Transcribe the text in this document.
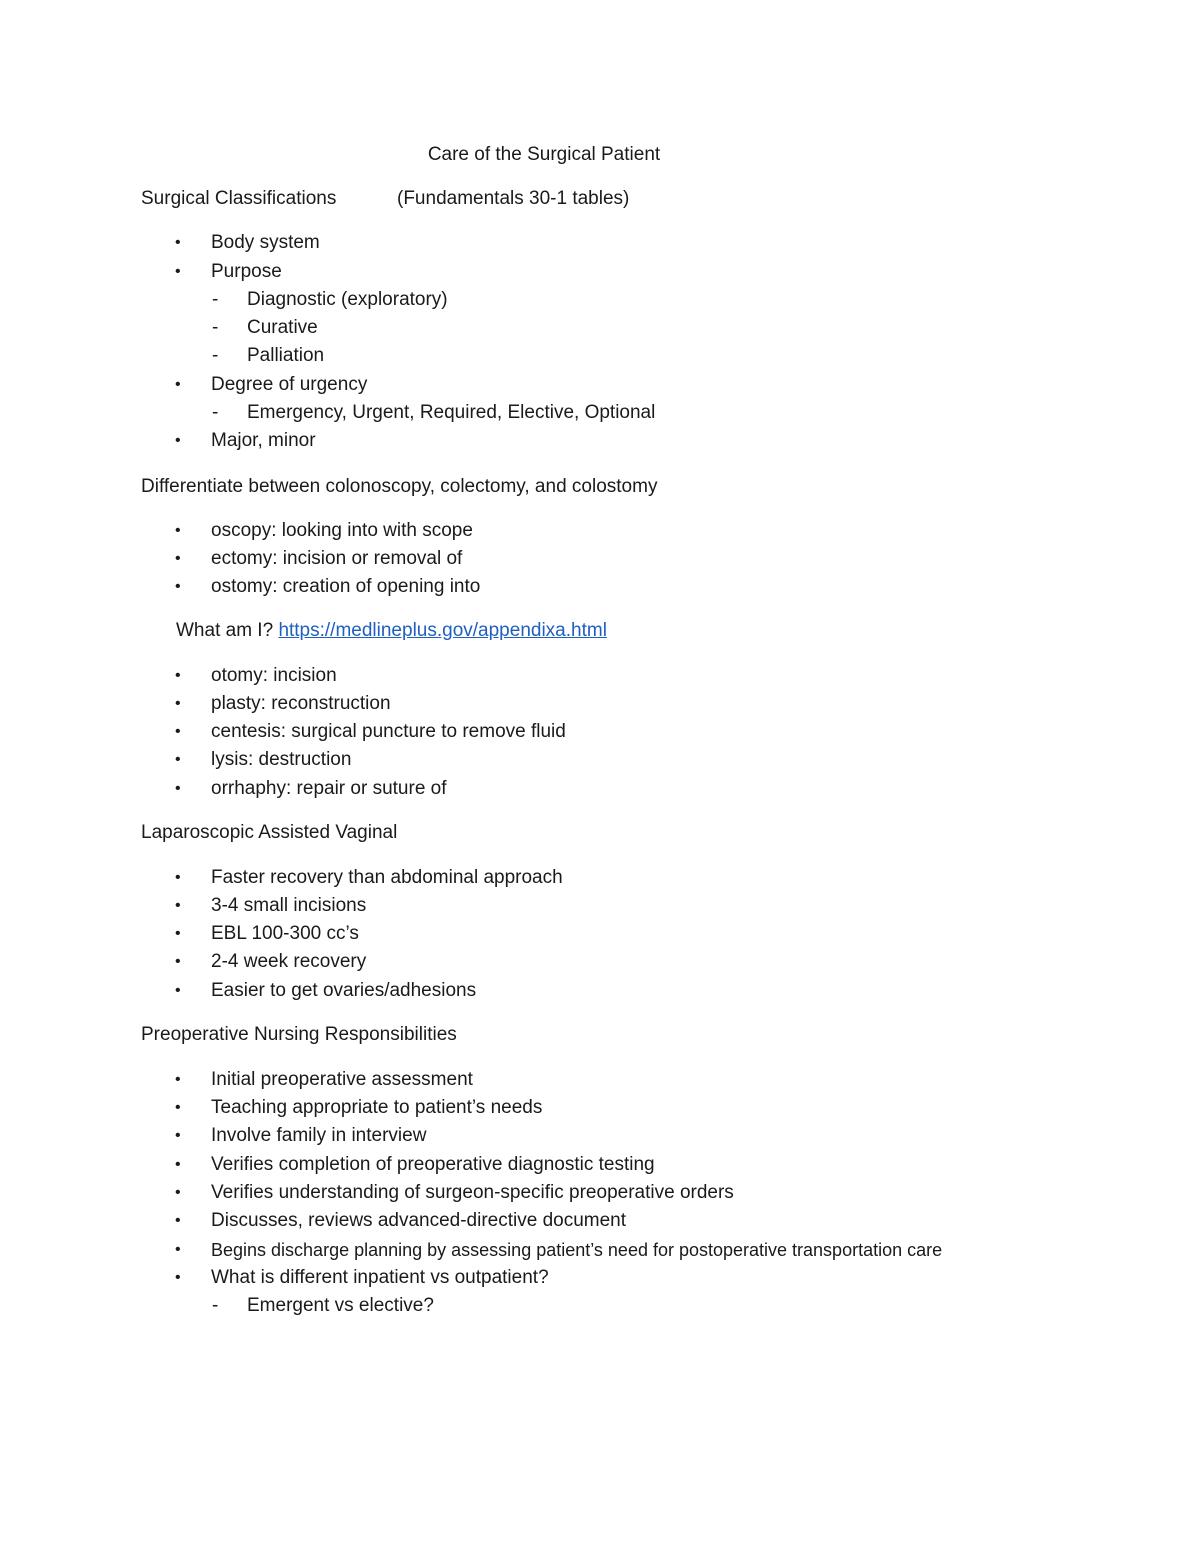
Care of the Surgical Patient
Surgical Classifications	(Fundamentals 30-1 tables)
• Body system
• Purpose
- Diagnostic (exploratory)
- Curative
- Palliation
• Degree of urgency
- Emergency, Urgent, Required, Elective, Optional
• Major, minor
Differentiate between colonoscopy, colectomy, and colostomy
• oscopy: looking into with scope
• ectomy: incision or removal of
• ostomy: creation of opening into
What am I? https://medlineplus.gov/appendixa.html
• otomy: incision
• plasty: reconstruction
• centesis: surgical puncture to remove fluid
• lysis: destruction
• orrhaphy: repair or suture of
Laparoscopic Assisted Vaginal
• Faster recovery than abdominal approach
• 3-4 small incisions
• EBL 100-300 cc’s
• 2-4 week recovery
• Easier to get ovaries/adhesions
Preoperative Nursing Responsibilities
• Initial preoperative assessment
• Teaching appropriate to patient’s needs
• Involve family in interview
• Verifies completion of preoperative diagnostic testing
• Verifies understanding of surgeon-specific preoperative orders
• Discusses, reviews advanced-directive document
• Begins discharge planning by assessing patient’s need for postoperative transportation care
• What is different inpatient vs outpatient?
- Emergent vs elective?
